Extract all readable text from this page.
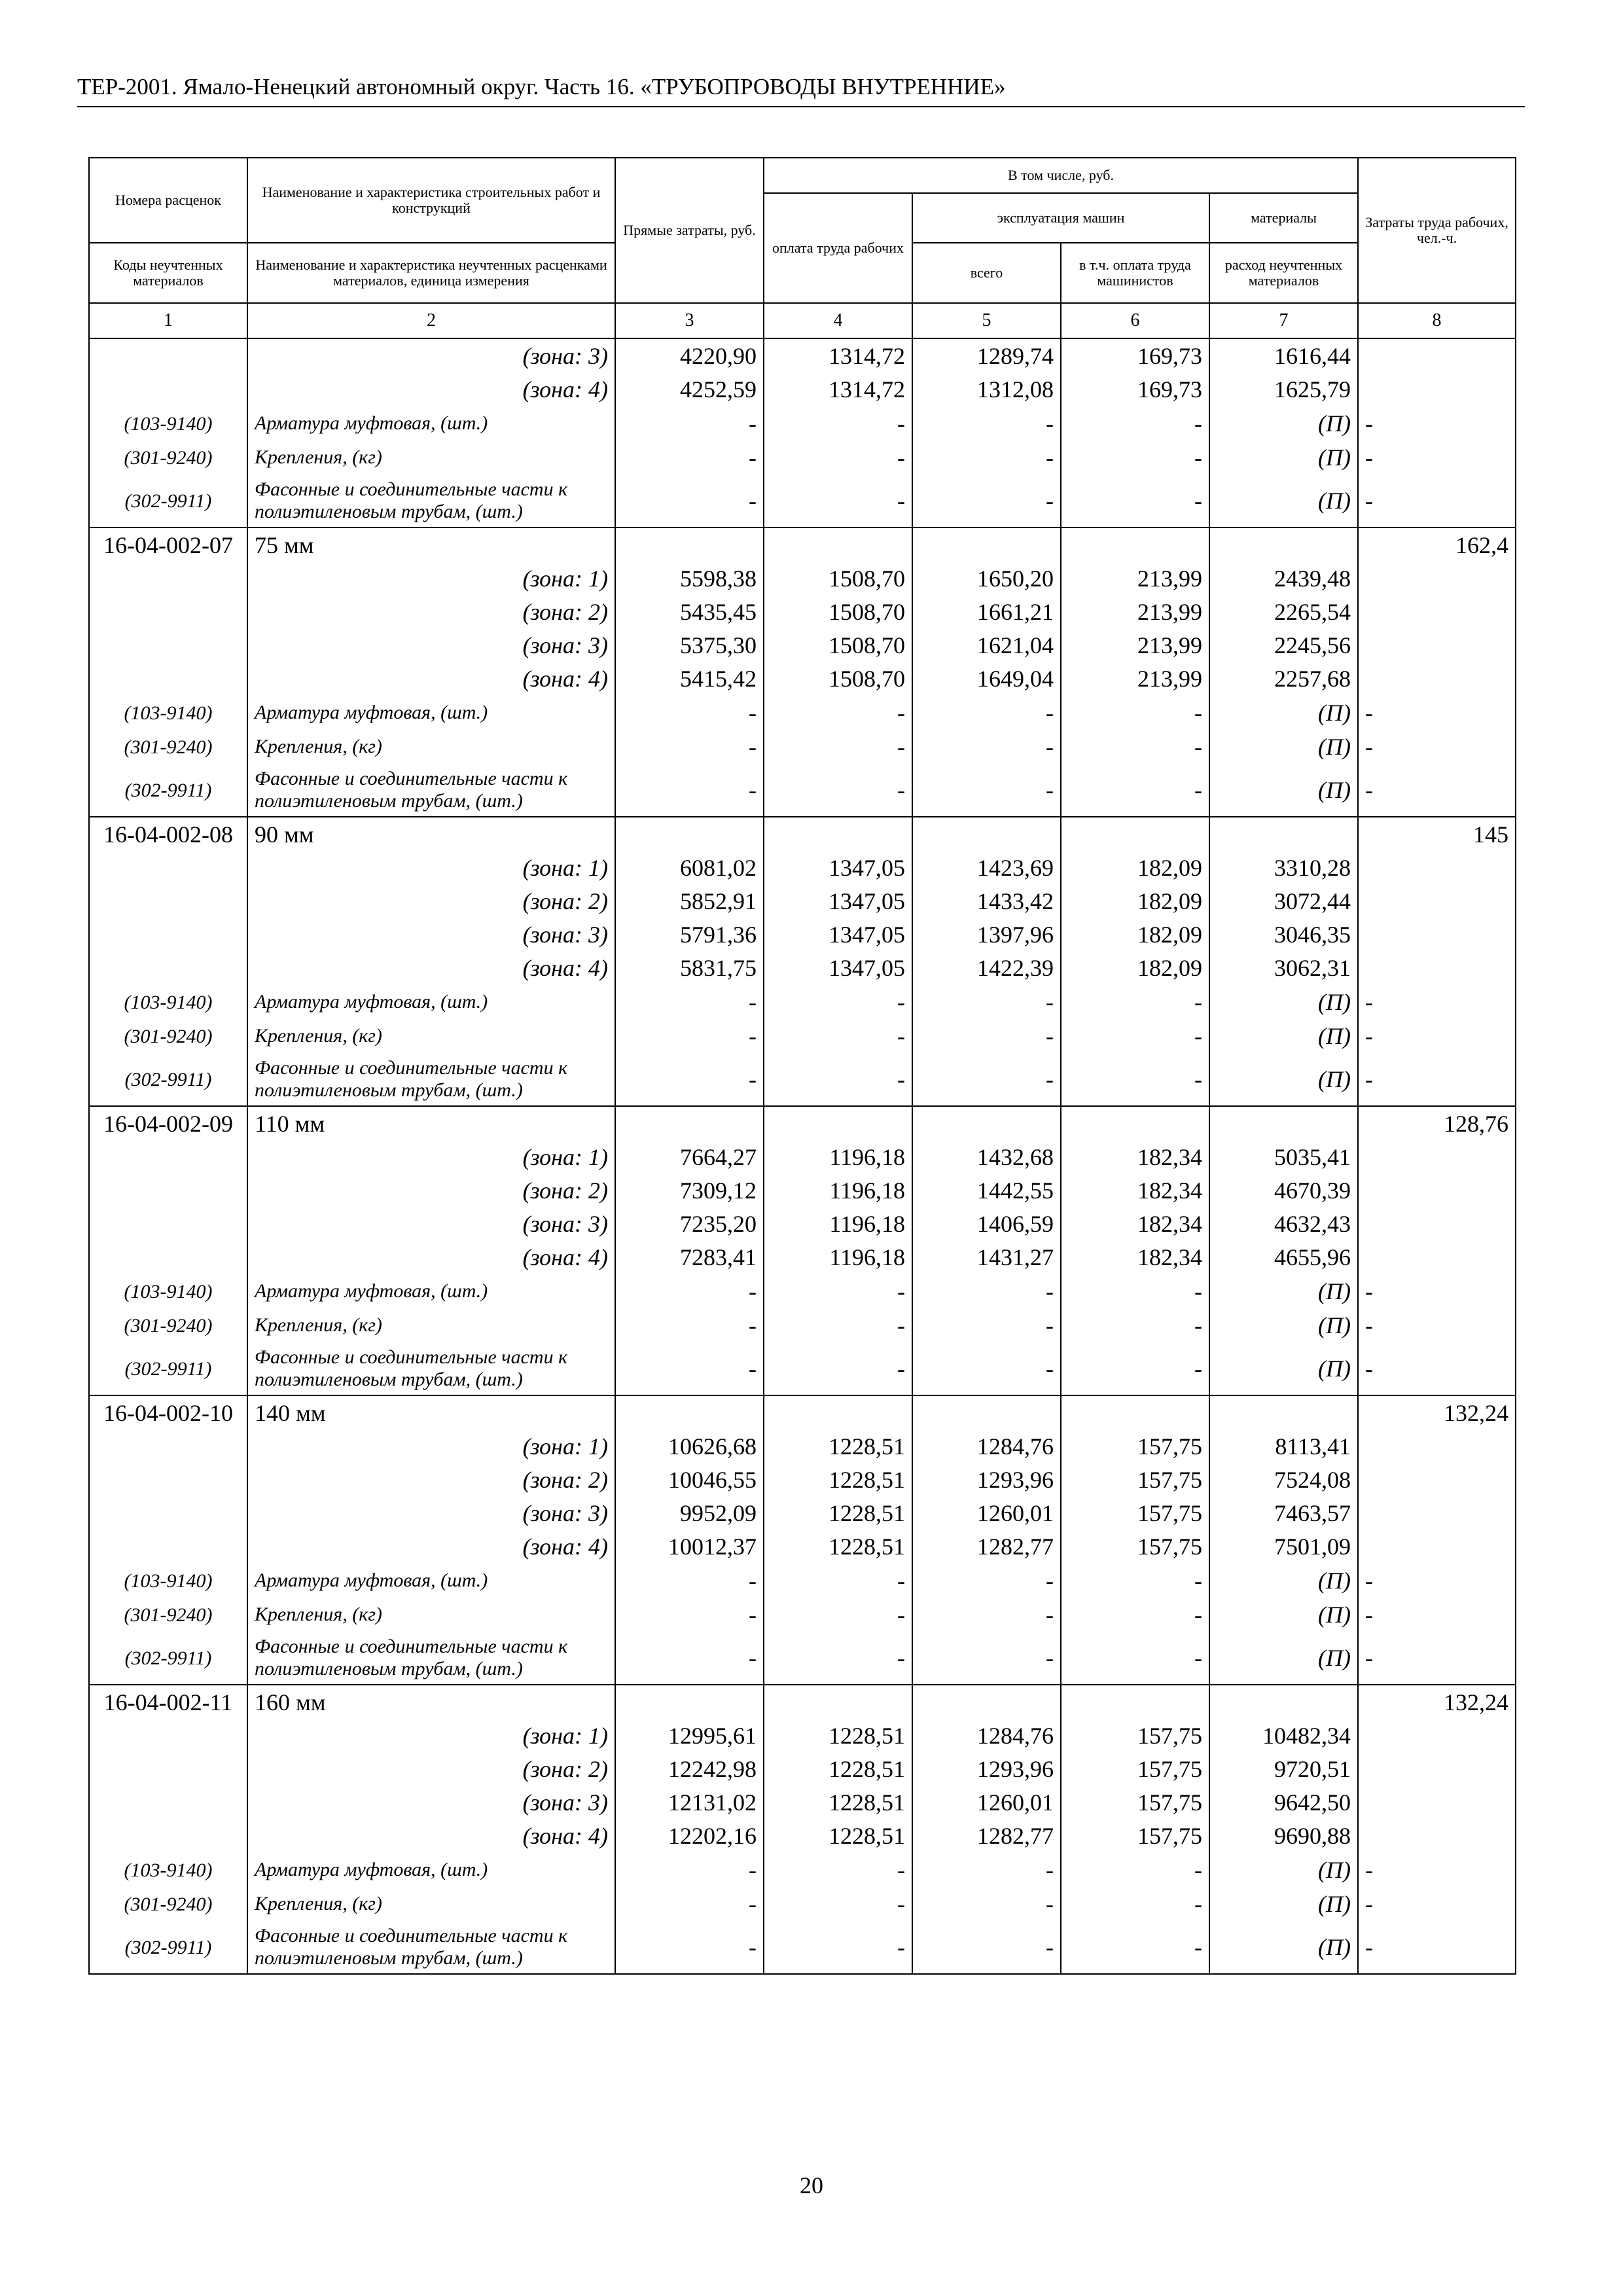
ТЕР-2001. Ямало-Ненецкий автономный округ. Часть 16. «ТРУБОПРОВОДЫ ВНУТРЕННИЕ»
Номера расценок	Наименование и характеристика строительных работ и конструкций	Прямые затраты, руб.	В том числе, руб.				Затраты труда рабочих, чел.-ч.
			оплата труда рабочих	эксплуатация машин		материалы	
Коды неучтенных материалов	Наименование и характеристика неучтенных расценками материалов, единица измерения			всего	в т.ч. оплата труда машинистов	расход неучтенных материалов	
1	2	3	4	5	6	7	8
	(зона: 3)	4220,90	1314,72	1289,74	169,73	1616,44	
	(зона: 4)	4252,59	1314,72	1312,08	169,73	1625,79	
(103-9140)	Арматура муфтовая, (шт.)	-	-	-	-	(П)	-
(301-9240)	Крепления, (кг)	-	-	-	-	(П)	-
(302-9911)	Фасонные и соединительные части к полиэтиленовым трубам, (шт.)	-	-	-	-	(П)	-
16-04-002-07	75 мм						162,4
	(зона: 1)	5598,38	1508,70	1650,20	213,99	2439,48	
	(зона: 2)	5435,45	1508,70	1661,21	213,99	2265,54	
	(зона: 3)	5375,30	1508,70	1621,04	213,99	2245,56	
	(зона: 4)	5415,42	1508,70	1649,04	213,99	2257,68	
(103-9140)	Арматура муфтовая, (шт.)	-	-	-	-	(П)	-
(301-9240)	Крепления, (кг)	-	-	-	-	(П)	-
(302-9911)	Фасонные и соединительные части к полиэтиленовым трубам, (шт.)	-	-	-	-	(П)	-
16-04-002-08	90 мм						145
	(зона: 1)	6081,02	1347,05	1423,69	182,09	3310,28	
	(зона: 2)	5852,91	1347,05	1433,42	182,09	3072,44	
	(зона: 3)	5791,36	1347,05	1397,96	182,09	3046,35	
	(зона: 4)	5831,75	1347,05	1422,39	182,09	3062,31	
(103-9140)	Арматура муфтовая, (шт.)	-	-	-	-	(П)	-
(301-9240)	Крепления, (кг)	-	-	-	-	(П)	-
(302-9911)	Фасонные и соединительные части к полиэтиленовым трубам, (шт.)	-	-	-	-	(П)	-
16-04-002-09	110 мм						128,76
	(зона: 1)	7664,27	1196,18	1432,68	182,34	5035,41	
	(зона: 2)	7309,12	1196,18	1442,55	182,34	4670,39	
	(зона: 3)	7235,20	1196,18	1406,59	182,34	4632,43	
	(зона: 4)	7283,41	1196,18	1431,27	182,34	4655,96	
(103-9140)	Арматура муфтовая, (шт.)	-	-	-	-	(П)	-
(301-9240)	Крепления, (кг)	-	-	-	-	(П)	-
(302-9911)	Фасонные и соединительные части к полиэтиленовым трубам, (шт.)	-	-	-	-	(П)	-
16-04-002-10	140 мм						132,24
	(зона: 1)	10626,68	1228,51	1284,76	157,75	8113,41	
	(зона: 2)	10046,55	1228,51	1293,96	157,75	7524,08	
	(зона: 3)	9952,09	1228,51	1260,01	157,75	7463,57	
	(зона: 4)	10012,37	1228,51	1282,77	157,75	7501,09	
(103-9140)	Арматура муфтовая, (шт.)	-	-	-	-	(П)	-
(301-9240)	Крепления, (кг)	-	-	-	-	(П)	-
(302-9911)	Фасонные и соединительные части к полиэтиленовым трубам, (шт.)	-	-	-	-	(П)	-
16-04-002-11	160 мм						132,24
	(зона: 1)	12995,61	1228,51	1284,76	157,75	10482,34	
	(зона: 2)	12242,98	1228,51	1293,96	157,75	9720,51	
	(зона: 3)	12131,02	1228,51	1260,01	157,75	9642,50	
	(зона: 4)	12202,16	1228,51	1282,77	157,75	9690,88	
(103-9140)	Арматура муфтовая, (шт.)	-	-	-	-	(П)	-
(301-9240)	Крепления, (кг)	-	-	-	-	(П)	-
(302-9911)	Фасонные и соединительные части к полиэтиленовым трубам, (шт.)	-	-	-	-	(П)	-
20
